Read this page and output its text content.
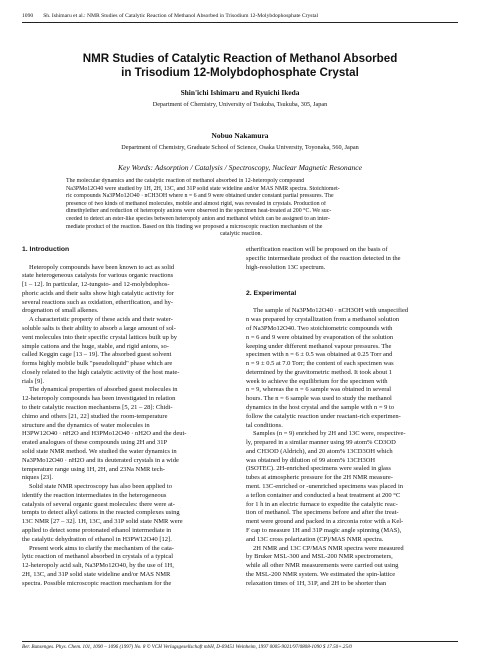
1090 Sh. Ishimaru et al.: NMR Studies of Catalytic Reaction of Methanol Absorbed in Trisodium 12-Molybdophosphate Crystal
NMR Studies of Catalytic Reaction of Methanol Absorbed
in Trisodium 12-Molybdophosphate Crystal
Shin'ichi Ishimaru and Ryuichi Ikeda
Department of Chemistry, University of Tsukuba, Tsukuba, 305, Japan
Nobuo Nakamura
Department of Chemistry, Graduate School of Science, Osaka University, Toyonaka, 560, Japan
Key Words: Adsorption / Catalysis / Spectroscopy, Nuclear Magnetic Resonance
The molecular dynamics and the catalytic reaction of methanol absorbed in 12-heteropoly compound
Na3PMo12O40 were studied by 1H, 2H, 13C, and 31P solid state wideline and/or MAS NMR spectra. Stoichiomet-
ric compounds Na3PMo12O40 · nCH3OH where n = 6 and 9 were obtained under constant partial pressures. The
presence of two kinds of methanol molecules, mobile and almost rigid, was revealed in crystals. Production of
dimethylether and reduction of heteropoly anions were observed in the specimen heat-treated at 200 °C. We suc-
ceeded to detect an ester-like species between heteropoly anion and methanol which can be assigned to an inter-
mediate product of the reaction. Based on this finding we proposed a microscopic reaction mechanism of the
catalytic reaction.
1. Introduction
Heteropoly compounds have been known to act as solid
state heterogeneous catalysts for various organic reactions
[1 – 12]. In particular, 12-tungsto- and 12-molybdophos-
phoric acids and their salts show high catalytic activity for
several reactions such as oxidation, etherification, and hy-
drogenation of small alkenes.
A characteristic property of these acids and their water-
soluble salts is their ability to absorb a large amount of sol-
vent molecules into their specific crystal lattices built up by
simple cations and the huge, stable, and rigid anions, so-
called Keggin cage [13 – 19]. The absorbed guest solvent
forms highly mobile bulk "pseudoliquid" phase which are
closely related to the high catalytic activity of the host mate-
rials [9].
The dynamical properties of absorbed guest molecules in
12-heteropoly compounds has been investigated in relation
to their catalytic reaction mechanisms [5, 21 – 28]: Chidi-
chimo and others [21, 22] studied the room-temperature
structure and the dynamics of water molecules in
H3PW12O40 · nH2O and H3PMo12O40 · nH2O and the deut-
erated analogues of these compounds using 2H and 31P
solid state NMR method. We studied the water dynamics in
Na3PMo12O40 · nH2O and its deuterated crystals in a wide
temperature range using 1H, 2H, and 23Na NMR tech-
niques [23].
Solid state NMR spectroscopy has also been applied to
identify the reaction intermediates in the heterogeneous
catalysis of several organic guest molecules: there were at-
tempts to detect alkyl cations in the reacted complexes using
13C NMR [27 – 32]. 1H, 13C, and 31P solid state NMR were
applied to detect some protonated ethanol intermediate in
the catalytic dehydration of ethanol in H3PW12O40 [12].
Present work aims to clarify the mechanism of the cata-
lytic reaction of methanol absorbed in crystals of a typical
12-heteropoly acid salt, Na3PMo12O40, by the use of 1H,
2H, 13C, and 31P solid state wideline and/or MAS NMR
spectra. Possible microscopic reaction mechanism for the
etherification reaction will be proposed on the basis of
specific intermediate product of the reaction detected in the
high-resolution 13C spectrum.
2. Experimental
The sample of Na3PMo12O40 · nCH3OH with unspecified
n was prepared by crystallization from a methanol solution
of Na3PMo12O40. Two stoichiometric compounds with
n = 6 and 9 were obtained by evaporation of the solution
keeping under different methanol vapour pressures. The
specimen with n = 6 ± 0.5 was obtained at 0.25 Torr and
n = 9 ± 0.5 at 7.0 Torr; the content of each specimen was
determined by the gravitometric method. It took about 1
week to achieve the equilibrium for the specimen with
n = 9, whereas the n = 6 sample was obtained in several
hours. The n = 6 sample was used to study the methanol
dynamics in the host crystal and the sample with n = 9 to
follow the catalytic reaction under reactant-rich experimen-
tal conditions.
Samples (n = 9) enriched by 2H and 13C were, respective-
ly, prepared in a similar manner using 99 atom% CD3OD
and CH3OD (Aldrich), and 20 atom% 13CD3OH which
was obtained by dilution of 99 atom% 13CH3OH
(ISOTEC). 2H-enriched specimens were sealed in glass
tubes at atmospheric pressure for the 2H NMR measure-
ment. 13C-enriched or -unenriched specimens was placed in
a teflon container and conducted a heat treatment at 200 °C
for 1 h in an electric furnace to expedite the catalytic reac-
tion of methanol. The specimens before and after the treat-
ment were ground and packed in a zirconia rotor with a Kel-
F cap to measure 1H and 31P magic angle spinning (MAS),
and 13C cross polarization (CP)/MAS NMR spectra.
2H NMR and 13C CP/MAS NMR spectra were measured
by Bruker MSL-300 and MSL-200 NMR spectrometers,
while all other NMR measurements were carried out using
the MSL-200 NMR system. We estimated the spin-lattice
relaxation times of 1H, 31P, and 2H to be shorter than
Ber. Bunsenges. Phys. Chem. 101, 1090 – 1096 (1997) No. 8 © VCH Verlagsgesellschaft mbH, D-69451 Weinheim, 1997 0005-9021/97/0808-1090 $ 17.50+.25/0
